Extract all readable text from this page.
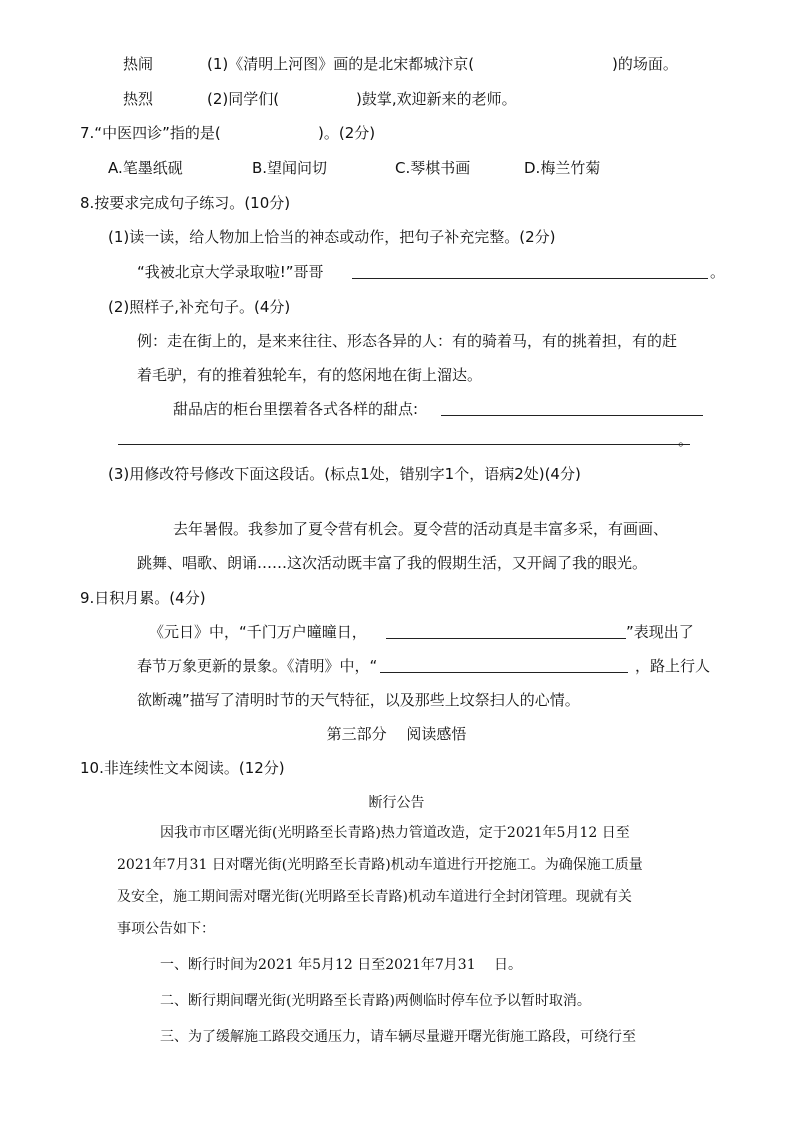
热闹	(1)《清明上河图》画的是北宋都城汴京(	)的场面。
热烈	(2)同学们(	)鼓掌,欢迎新来的老师。
7.“中医四诊”指的是(	)。(2分)
A.笔墨纸砚	B.望闻问切	C.琴棋书画	D.梅兰竹菊
8.按要求完成句子练习。(10分)
(1)读一读，给人物加上恰当的神态或动作，把句子补充完整。(2分)
“我被北京大学录取啦!”哥哥	。
(2)照样子,补充句子。(4分)
例：走在街上的，是来来往往、形态各异的人：有的骑着马，有的挑着担，有的赶
着毛驴，有的推着独轮车，有的悠闲地在街上溜达。
甜品店的柜台里摆着各式各样的甜点:
。
(3)用修改符号修改下面这段话。(标点1处，错别字1个，语病2处)(4分)
去年暑假。我参加了夏令营有机会。夏令营的活动真是丰富多采，有画画、
跳舞、唱歌、朗诵……这次活动既丰富了我的假期生活，又开阔了我的眼光。
9.日积月累。(4分)
《元日》中，“千门万户曈曈日，	”表现出了
春节万象更新的景象。《清明》中，“	，路上行人
欲断魂”描写了清明时节的天气特征，以及那些上坟祭扫人的心情。
第三部分　 阅读感悟
10.非连续性文本阅读。(12分)
断行公告
因我市市区曙光街(光明路至长青路)热力管道改造，定于2021年5月12 日至
2021年7月31 日对曙光街(光明路至长青路)机动车道进行开挖施工。为确保施工质量
及安全，施工期间需对曙光街(光明路至长青路)机动车道进行全封闭管理。现就有关
事项公告如下：
一、断行时间为2021 年5月12 日至2021年7月31　 日。
二、断行期间曙光街(光明路至长青路)两侧临时停车位予以暂时取消。
三、为了缓解施工路段交通压力，请车辆尽量避开曙光街施工路段，可绕行至
